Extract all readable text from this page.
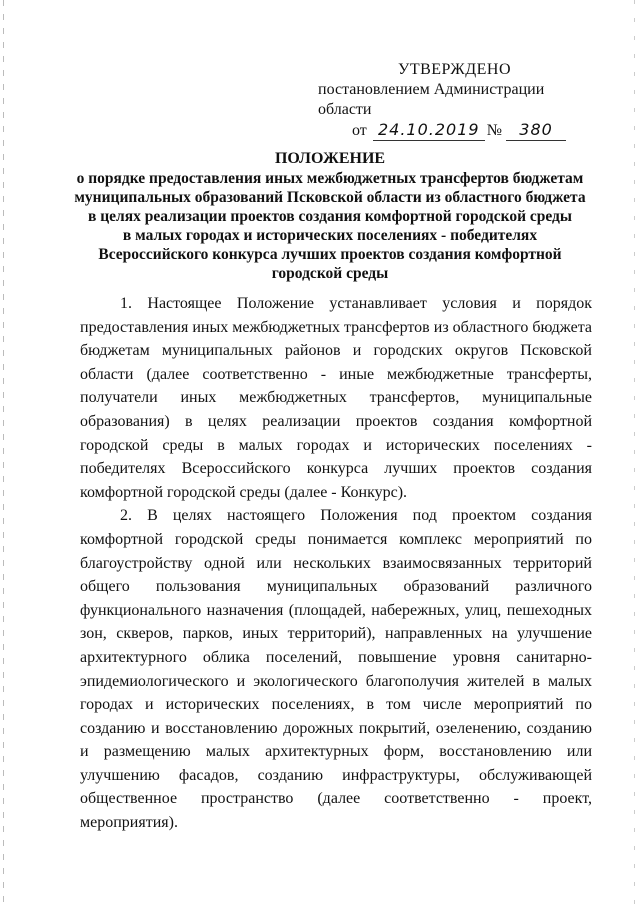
УТВЕРЖДЕНО
постановлением Администрации области
от 24.10.2019 №	380
ПОЛОЖЕНИЕ
о порядке предоставления иных межбюджетных трансфертов бюджетам
муниципальных образований Псковской области из областного бюджета
в целях реализации проектов создания комфортной городской среды
в малых городах и исторических поселениях - победителях
Всероссийского конкурса лучших проектов создания комфортной
городской среды

1. Настоящее Положение устанавливает условия и порядок предоставления иных межбюджетных трансфертов из областного бюджета бюджетам муниципальных районов и городских округов Псковской области (далее соответственно - иные межбюджетные трансферты, получатели иных межбюджетных трансфертов, муниципальные образования) в целях реализации проектов создания комфортной городской среды в малых городах и исторических поселениях - победителях Всероссийского конкурса лучших проектов создания комфортной городской среды (далее - Конкурс).

2. В целях настоящего Положения под проектом создания комфортной городской среды понимается комплекс мероприятий по благоустройству одной или нескольких взаимосвязанных территорий общего пользования муниципальных образований различного функционального назначения (площадей, набережных, улиц, пешеходных зон, скверов, парков, иных территорий), направленных на улучшение архитектурного облика поселений, повышение уровня санитарно-эпидемиологического и экологического благополучия жителей в малых городах и исторических поселениях, в том числе мероприятий по созданию и восстановлению дорожных покрытий, озеленению, созданию и размещению малых архитектурных форм, восстановлению или улучшению фасадов, созданию инфраструктуры, обслуживающей общественное пространство (далее соответственно - проект, мероприятия).
